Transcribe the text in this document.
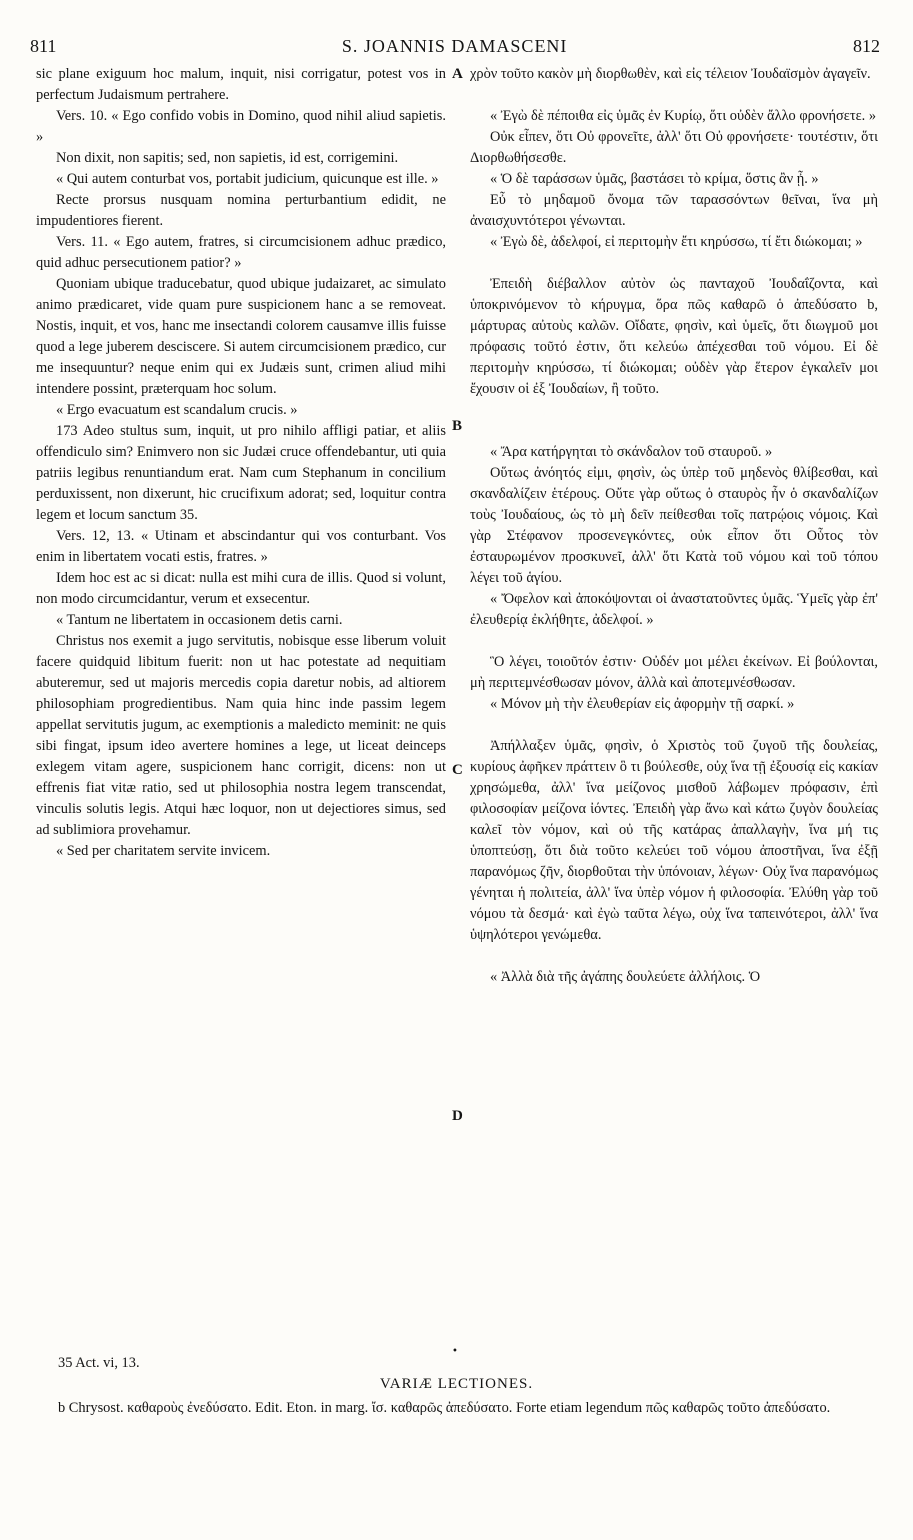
811	S. JOANNIS DAMASCENI	812

sic plane exiguum hoc malum, inquit, nisi corrigatur, potest vos in perfectum Judaismum pertrahere.

Vers. 10. « Ego confido vobis in Domino, quod nihil aliud sapietis. »

Non dixit, non sapitis; sed, non sapietis, id est, corrigemini.

« Qui autem conturbat vos, portabit judicium, quicunque est ille. »

Recte prorsus nusquam nomina perturbantium edidit, ne impudentiores fierent.

Vers. 11. « Ego autem, fratres, si circumcisionem adhuc prædico, quid adhuc persecutionem patior? »

Quoniam ubique traducebatur, quod ubique judaizaret, ac simulato animo prædicaret, vide quam pure suspicionem hanc a se removeat. Nostis, inquit, et vos, hanc me insectandi colorem causamve illis fuisse quod a lege juberem desciscere. Si autem circumcisionem prædico, cur me insequuntur? neque enim qui ex Judæis sunt, crimen aliud mihi intendere possint, præterquam hoc solum.

« Ergo evacuatum est scandalum crucis. »

173 Adeo stultus sum, inquit, ut pro nihilo affligi patiar, et aliis offendiculo sim? Enimvero non sic Judæi cruce offendebantur, uti quia patriis legibus renuntiandum erat. Nam cum Stephanum in concilium perduxissent, non dixerunt, hic crucifixum adorat; sed, loquitur contra legem et locum sanctum 35.

Vers. 12, 13. « Utinam et abscindantur qui vos conturbant. Vos enim in libertatem vocati estis, fratres. »

Idem hoc est ac si dicat: nulla est mihi cura de illis. Quod si volunt, non modo circumcidantur, verum et exsecentur.

« Tantum ne libertatem in occasionem detis carni.

Christus nos exemit a jugo servitutis, nobisque esse liberum voluit facere quidquid libitum fuerit: non ut hac potestate ad nequitiam abuteremur, sed ut majoris mercedis copia daretur nobis, ad altiorem philosophiam progredientibus. Nam quia hinc inde passim legem appellat servitutis jugum, ac exemptionis a maledicto meminit: ne quis sibi fingat, ipsum ideo avertere homines a lege, ut liceat deinceps exlegem vitam agere, suspicionem hanc corrigit, dicens: non ut effrenis fiat vitæ ratio, sed ut philosophia nostra legem transcendat, vinculis solutis legis. Atqui hæc loquor, non ut dejectiores simus, sed ad sublimiora provehamur.

« Sed per charitatem servite invicem.

χρὸν τοῦτο κακὸν μὴ διορθωθὲν, καὶ εἰς τέλειον Ἰουδαϊσμὸν ἀγαγεῖν.

« Ἐγὼ δὲ πέποιθα εἰς ὑμᾶς ἐν Κυρίῳ, ὅτι οὐδὲν ἄλλο φρονήσετε. »

Οὐκ εἶπεν, ὅτι Οὐ φρονεῖτε, ἀλλ' ὅτι Οὐ φρονήσετε· τουτέστιν, ὅτι Διορθωθήσεσθε.

« Ὁ δὲ ταράσσων ὑμᾶς, βαστάσει τὸ κρίμα, ὅστις ἂν ᾖ. »

Εὖ τὸ μηδαμοῦ ὄνομα τῶν ταρασσόντων θεῖναι, ἵνα μὴ ἀναισχυντότεροι γένωνται.

« Ἐγὼ δὲ, ἀδελφοί, εἰ περιτομὴν ἔτι κηρύσσω, τί ἔτι διώκομαι; »

Ἐπειδὴ διέβαλλον αὐτὸν ὡς πανταχοῦ Ἰουδαΐζοντα, καὶ ὑποκρινόμενον τὸ κήρυγμα, ὅρα πῶς καθαρῶ ὁ ἀπεδύσατο b, μάρτυρας αὐτοὺς καλῶν. Οἴδατε, φησὶν, καὶ ὑμεῖς, ὅτι διωγμοῦ μοι πρόφασις τοῦτό ἐστιν, ὅτι κελεύω ἀπέχεσθαι τοῦ νόμου. Εἰ δὲ περιτομὴν κηρύσσω, τί διώκομαι; οὐδὲν γὰρ ἕτερον ἐγκαλεῖν μοι ἔχουσιν οἱ ἐξ Ἰουδαίων, ἢ τοῦτο.

« Ἄρα κατήργηται τὸ σκάνδαλον τοῦ σταυροῦ. »

Οὕτως ἀνόητός εἰμι, φησὶν, ὡς ὑπὲρ τοῦ μηδενὸς θλίβεσθαι, καὶ σκανδαλίζειν ἑτέρους. Οὔτε γὰρ οὕτως ὁ σταυρὸς ἦν ὁ σκανδαλίζων τοὺς Ἰουδαίους, ὡς τὸ μὴ δεῖν πείθεσθαι τοῖς πατρῴοις νόμοις. Καὶ γὰρ Στέφανον προσενεγκόντες, οὐκ εἶπον ὅτι Οὗτος τὸν ἐσταυρωμένον προσκυνεῖ, ἀλλ' ὅτι Κατὰ τοῦ νόμου καὶ τοῦ τόπου λέγει τοῦ ἁγίου.

« Ὄφελον καὶ ἀποκόψονται οἱ ἀναστατοῦντες ὑμᾶς. Ὑμεῖς γὰρ ἐπ' ἐλευθερίᾳ ἐκλήθητε, ἀδελφοί. »

Ὃ λέγει, τοιοῦτόν ἐστιν· Οὐδέν μοι μέλει ἐκείνων. Εἰ βούλονται, μὴ περιτεμνέσθωσαν μόνον, ἀλλὰ καὶ ἀποτεμνέσθωσαν.

« Μόνον μὴ τὴν ἐλευθερίαν εἰς ἀφορμὴν τῇ σαρκί. »

Ἀπήλλαξεν ὑμᾶς, φησὶν, ὁ Χριστὸς τοῦ ζυγοῦ τῆς δουλείας, κυρίους ἀφῆκεν πράττειν ὃ τι βούλεσθε, οὐχ ἵνα τῇ ἐξουσίᾳ εἰς κακίαν χρησώμεθα, ἀλλ' ἵνα μείζονος μισθοῦ λάβωμεν πρόφασιν, ἐπὶ φιλοσοφίαν μείζονα ἰόντες. Ἐπειδὴ γὰρ ἄνω καὶ κάτω ζυγὸν δουλείας καλεῖ τὸν νόμον, καὶ οὐ τῆς κατάρας ἀπαλλαγὴν, ἵνα μή τις ὑποπτεύσῃ, ὅτι διὰ τοῦτο κελεύει τοῦ νόμου ἀποστῆναι, ἵνα ἐξῇ παρανόμως ζῆν, διορθοῦται τὴν ὑπόνοιαν, λέγων· Οὐχ ἵνα παρανόμως γένηται ἡ πολιτεία, ἀλλ' ἵνα ὑπὲρ νόμον ἡ φιλοσοφία. Ἐλύθη γὰρ τοῦ νόμου τὰ δεσμά· καὶ ἐγὼ ταῦτα λέγω, οὐχ ἵνα ταπεινότεροι, ἀλλ' ἵνα ὑψηλότεροι γενώμεθα.

« Ἀλλὰ διὰ τῆς ἀγάπης δουλεύετε ἀλλήλοις. Ὁ

A
B
C
D
•
35 Act. vi, 13.
VARIÆ LECTIONES.
b Chrysost. καθαροὺς ἐνεδύσατο. Edit. Eton. in marg. ἴσ. καθαρῶς ἀπεδύσατο. Forte etiam legendum πῶς καθαρῶς τοῦτο ἀπεδύσατο.
